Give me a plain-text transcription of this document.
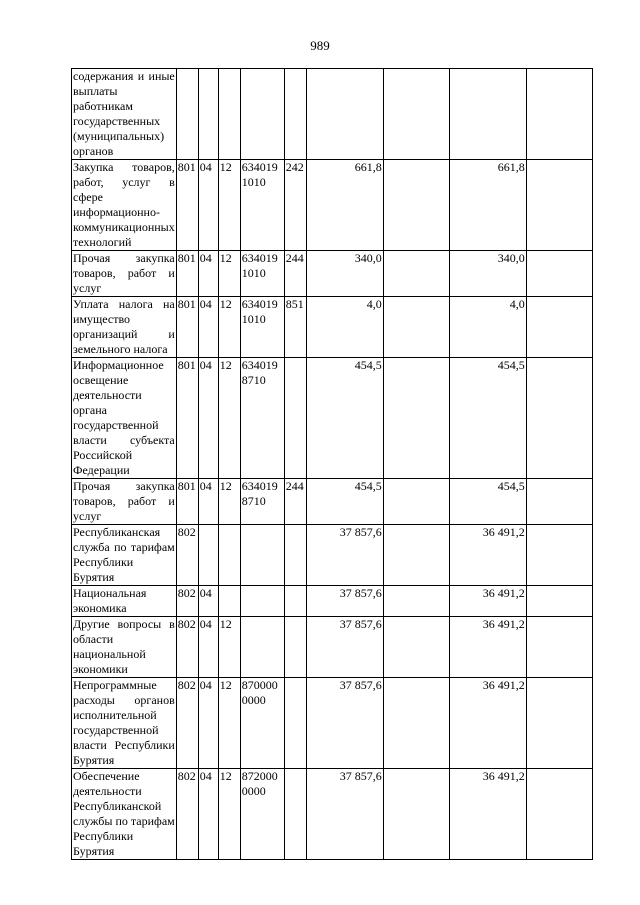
989
содержания и иные выплаты работникам государственных (муниципальных) органов									
Закупка товаров, работ, услуг в сфере информационно-коммуникационных технологий	801	04	12	634019 1010	242	661,8		661,8	
Прочая закупка товаров, работ и услуг	801	04	12	634019 1010	244	340,0		340,0	
Уплата налога на имущество организаций и земельного налога	801	04	12	634019 1010	851	4,0		4,0	
Информационное освещение деятельности органа государственной власти субъекта Российской Федерации	801	04	12	634019 8710		454,5		454,5	
Прочая закупка товаров, работ и услуг	801	04	12	634019 8710	244	454,5		454,5	
Республиканская служба по тарифам Республики Бурятия	802					37 857,6		36 491,2	
Национальная экономика	802	04				37 857,6		36 491,2	
Другие вопросы в области национальной экономики	802	04	12			37 857,6		36 491,2	
Непрограммные расходы органов исполнительной государственной власти Республики Бурятия	802	04	12	870000 0000		37 857,6		36 491,2	
Обеспечение деятельности Республиканской службы по тарифам Республики Бурятия	802	04	12	872000 0000		37 857,6		36 491,2	
